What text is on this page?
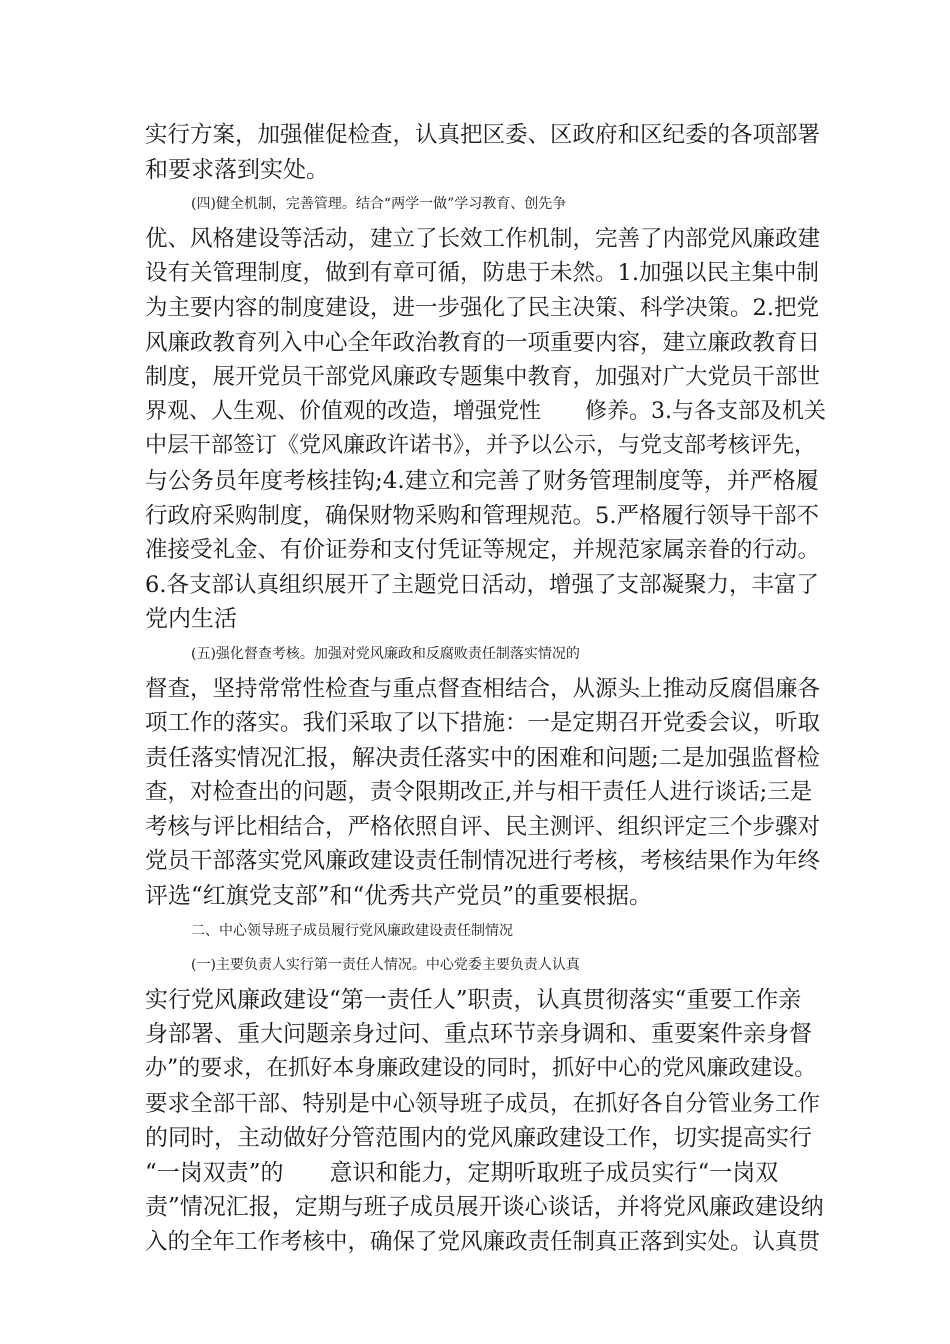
实行方案，加强催促检查，认真把区委、区政府和区纪委的各项部署
和要求落到实处。
(四)健全机制，完善管理。结合“两学一做”学习教育、创先争
优、风格建设等活动，建立了长效工作机制，完善了内部党风廉政建
设有关管理制度，做到有章可循，防患于未然。1.加强以民主集中制
为主要内容的制度建设，进一步强化了民主决策、科学决策。2.把党
风廉政教育列入中心全年政治教育的一项重要内容，建立廉政教育日
制度，展开党员干部党风廉政专题集中教育，加强对广大党员干部世
界观、人生观、价值观的改造，增强党性　　修养。3.与各支部及机关
中层干部签订《党风廉政许诺书》，并予以公示，与党支部考核评先，
与公务员年度考核挂钩;4.建立和完善了财务管理制度等，并严格履
行政府采购制度，确保财物采购和管理规范。5.严格履行领导干部不
准接受礼金、有价证券和支付凭证等规定，并规范家属亲眷的行动。
6.各支部认真组织展开了主题党日活动，增强了支部凝聚力，丰富了
党内生活
(五)强化督查考核。加强对党风廉政和反腐败责任制落实情况的
督查，坚持常常性检查与重点督查相结合，从源头上推动反腐倡廉各
项工作的落实。我们采取了以下措施：一是定期召开党委会议，听取
责任落实情况汇报，解决责任落实中的困难和问题;二是加强监督检
查，对检查出的问题，责令限期改正,并与相干责任人进行谈话;三是
考核与评比相结合，严格依照自评、民主测评、组织评定三个步骤对
党员干部落实党风廉政建设责任制情况进行考核，考核结果作为年终
评选“红旗党支部”和“优秀共产党员”的重要根据。
二、中心领导班子成员履行党风廉政建设责任制情况
(一)主要负责人实行第一责任人情况。中心党委主要负责人认真
实行党风廉政建设“第一责任人”职责，认真贯彻落实“重要工作亲
身部署、重大问题亲身过问、重点环节亲身调和、重要案件亲身督
办”的要求，在抓好本身廉政建设的同时，抓好中心的党风廉政建设。
要求全部干部、特别是中心领导班子成员，在抓好各自分管业务工作
的同时，主动做好分管范围内的党风廉政建设工作，切实提高实行
“一岗双责”的　　意识和能力，定期听取班子成员实行“一岗双
责”情况汇报，定期与班子成员展开谈心谈话，并将党风廉政建设纳
入的全年工作考核中，确保了党风廉政责任制真正落到实处。认真贯
